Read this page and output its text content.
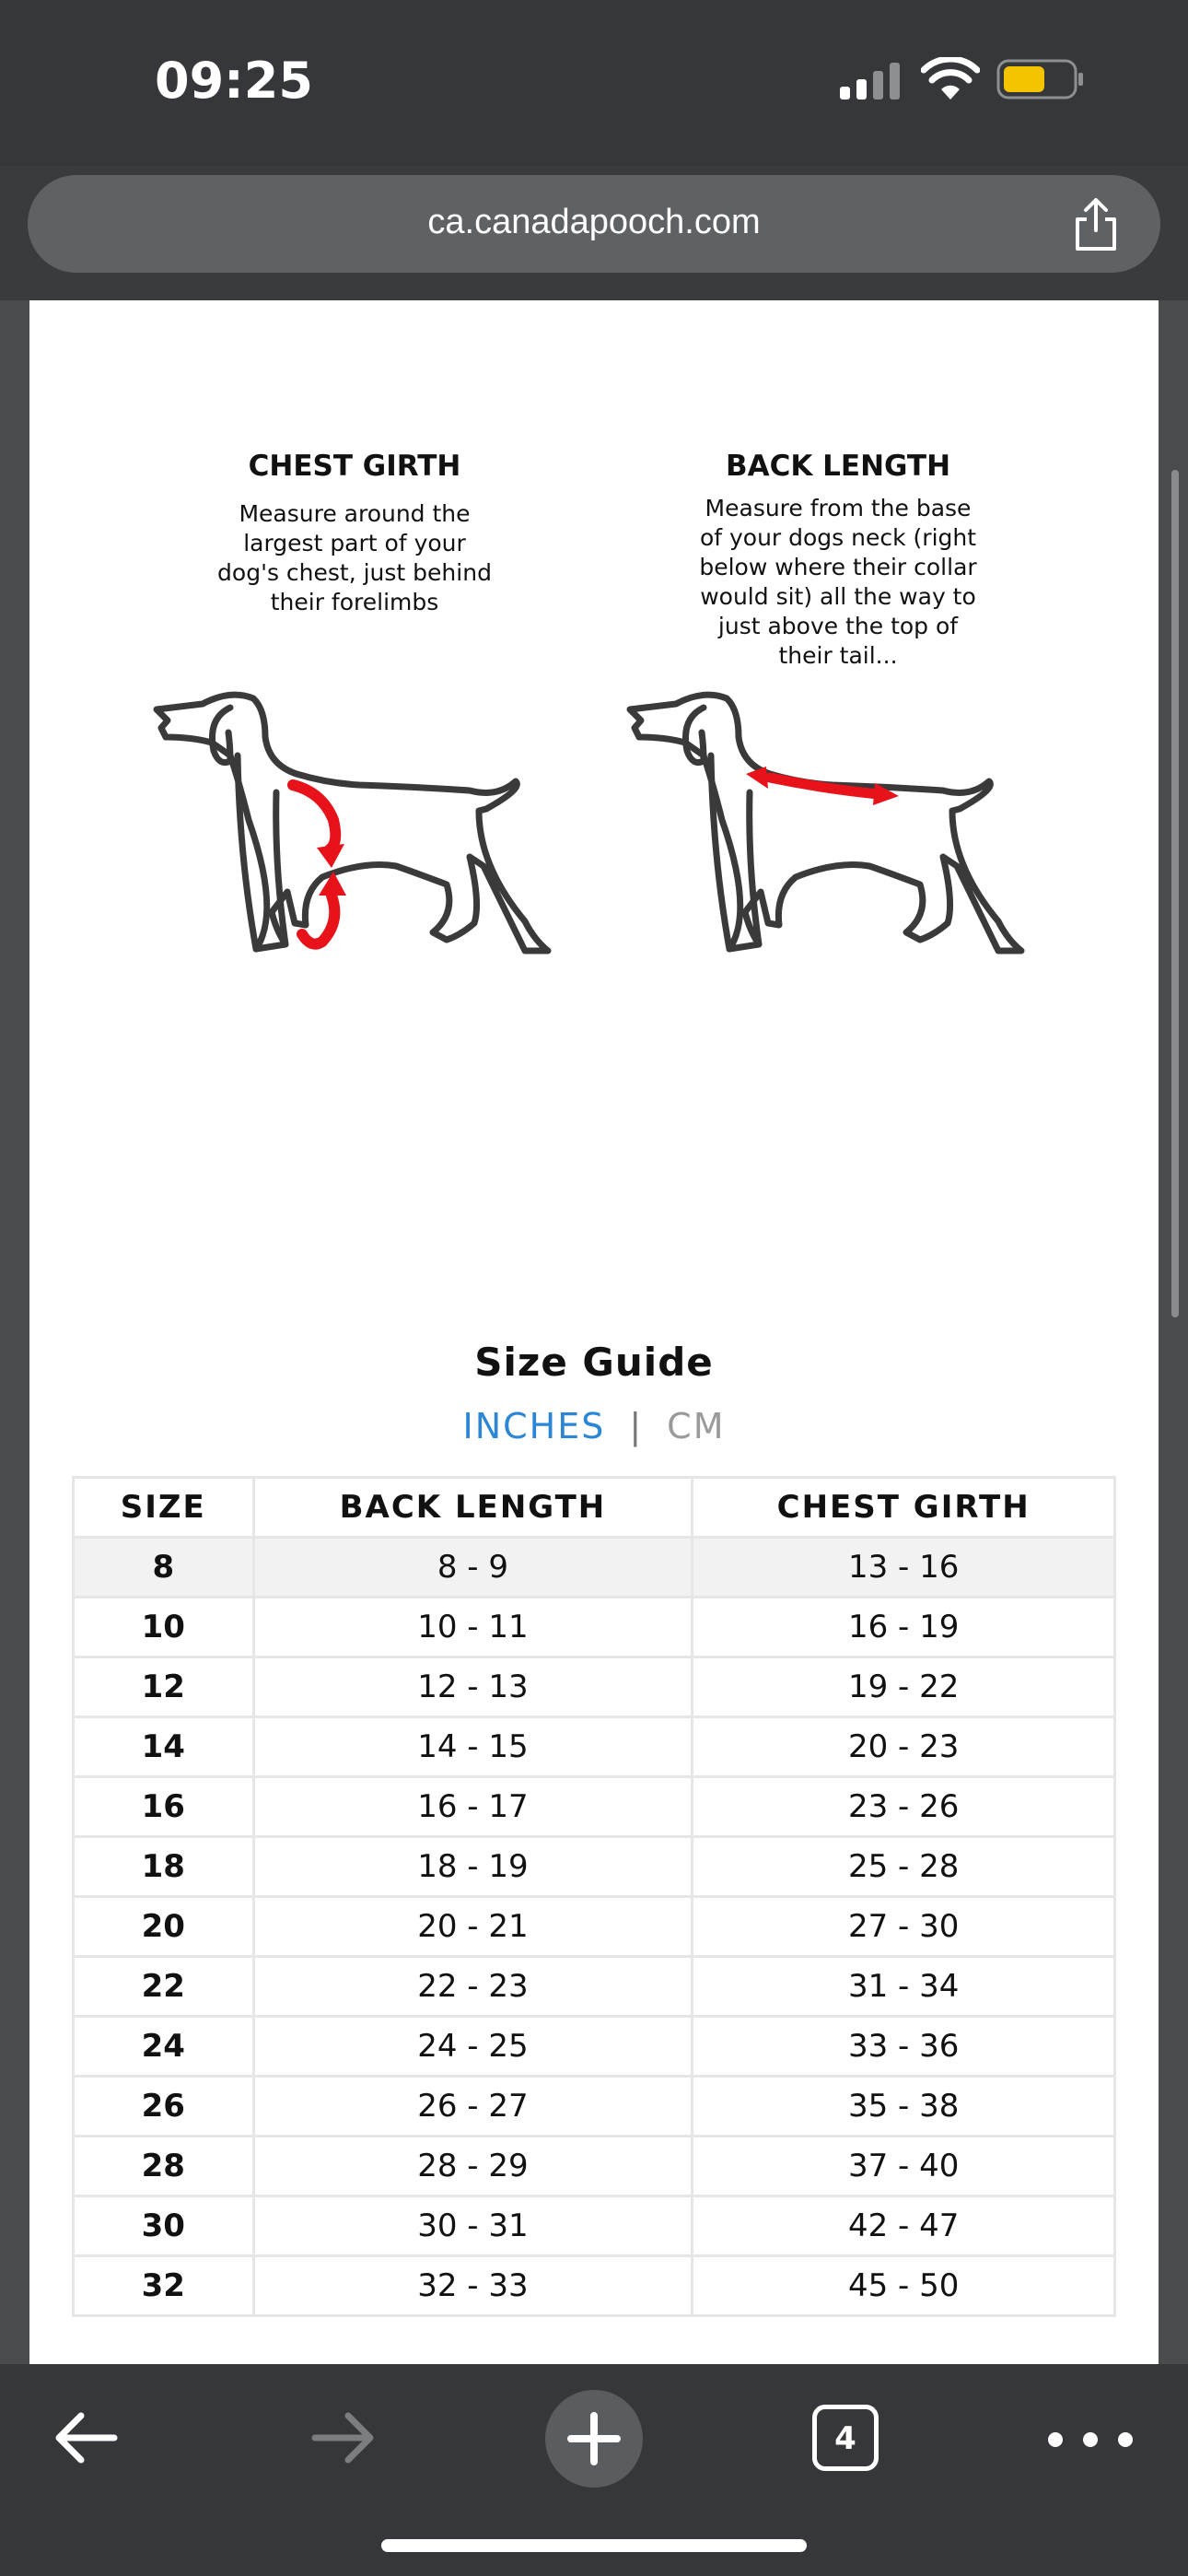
09:25
ca.canadapooch.com
CHEST GIRTH
Measure around the
largest part of your
dog's chest, just behind
their forelimbs
BACK LENGTH
Measure from the base
of your dogs neck (right
below where their collar
would sit) all the way to
just above the top of
their tail...
Size Guide
INCHES | CM
SIZE	BACK LENGTH	CHEST GIRTH
8	8 - 9	13 - 16
10	10 - 11	16 - 19
12	12 - 13	19 - 22
14	14 - 15	20 - 23
16	16 - 17	23 - 26
18	18 - 19	25 - 28
20	20 - 21	27 - 30
22	22 - 23	31 - 34
24	24 - 25	33 - 36
26	26 - 27	35 - 38
28	28 - 29	37 - 40
30	30 - 31	42 - 47
32	32 - 33	45 - 50
4
